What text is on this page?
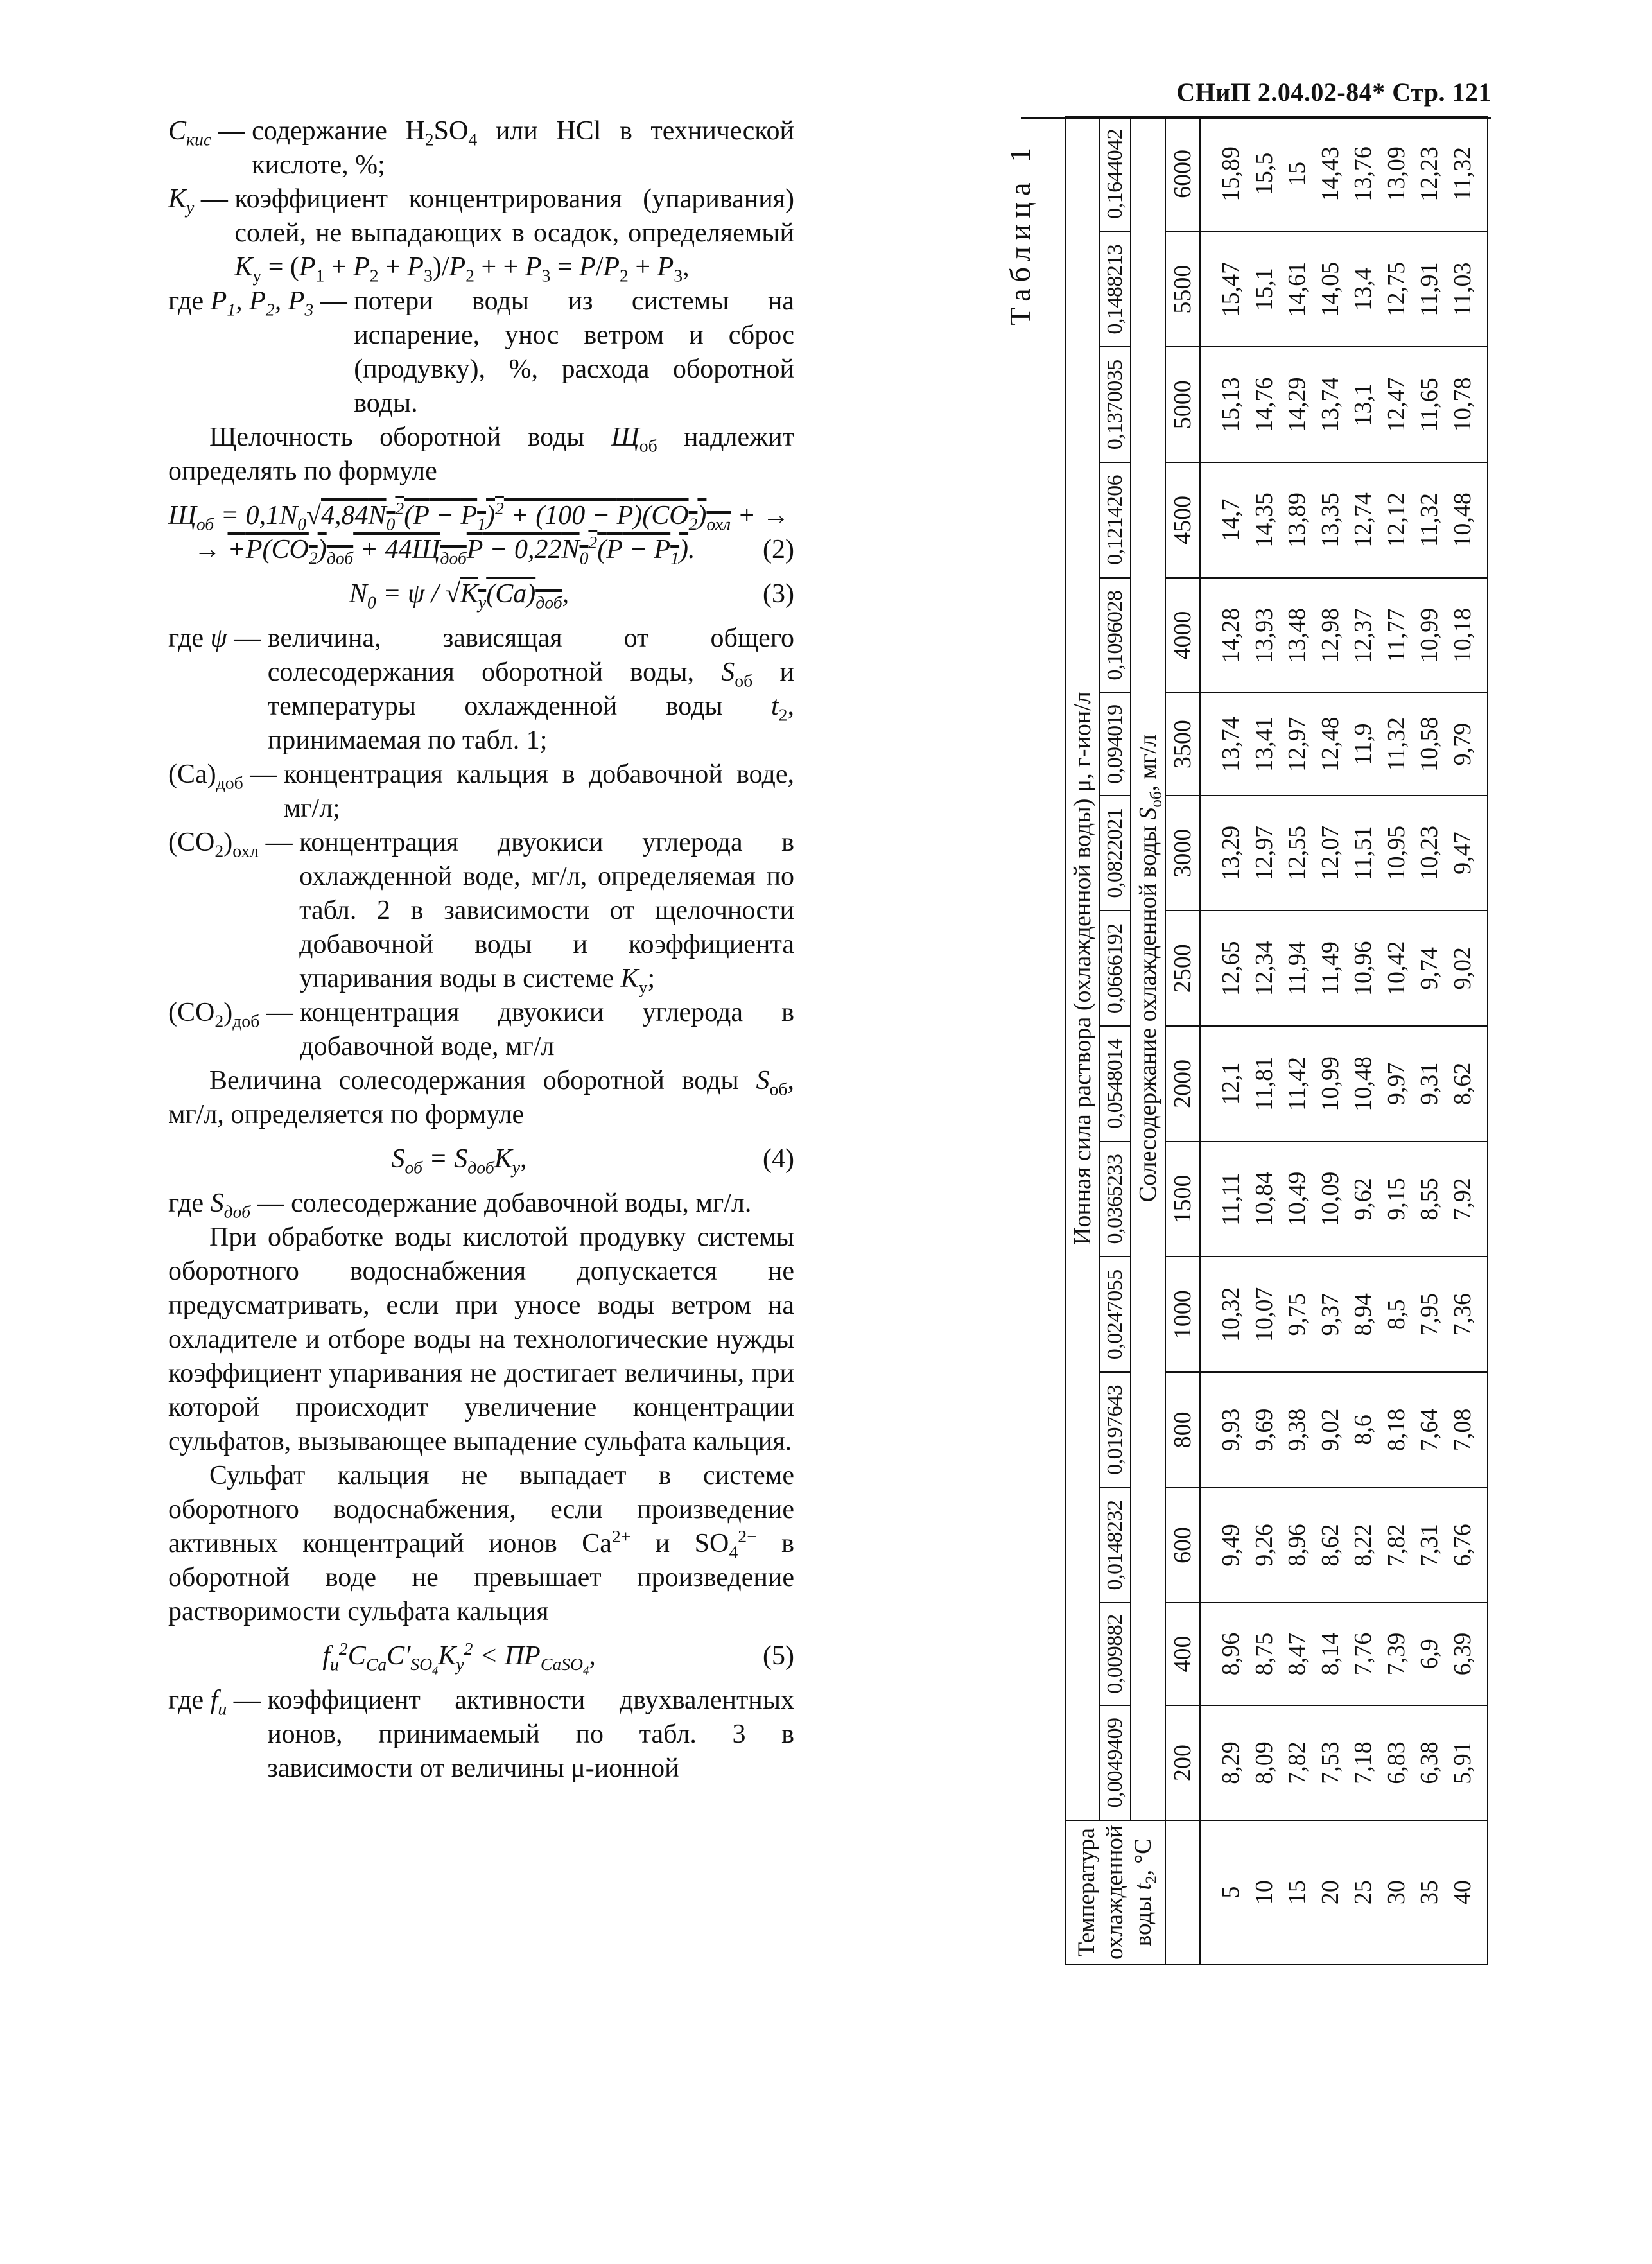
СНиП 2.04.02-84* Стр. 121
$C_{кис}$ — содержание $H_2SO_4$ или HCl в технической кислоте, %;
$K_у$ — коэффициент концентрирования (упаривания) солей, не выпадающих в осадок, определяемый $K_у = (P_1 + P_2 + P_3)/P_2$ + + $P_3 = P/P_2 + P_3$,
где $P_1$, $P_2$, $P_3$ — потери воды из системы на испарение, унос ветром и сброс (продувку), %, расхода оборотной воды.
Щелочность оборотной воды $Щ_{об}$ надлежит определять по формуле
$Щ_{об} = 0,1N_0√4,84N_0^2(P - P_1)^2 + (100 - P)(CO_2)_{охл}$ + →
→ $+P(CO_2)_{доб} + 44Щ_{доб}P - 0,22N_0^2(P - P_1)$.	(2)
$N_0 = \psi / √K_у(Ca)_{доб}$,	(3)
где ψ — величина, зависящая от общего солесодержания оборотной воды, $S_{об}$ и температуры охлажденной воды $t_2$, принимаемая по табл. 1;
$(Ca)_{доб}$ — концентрация кальция в добавочной воде, мг/л;
$(CO_2)_{охл}$ — концентрация двуокиси углерода в охлажденной воде, мг/л, определяемая по табл. 2 в зависимости от щелочности добавочной воды и коэффициента упаривания воды в системе $K_у$;
$(CO_2)_{доб}$ — концентрация двуокиси углерода в добавочной воде, мг/л
Величина солесодержания оборотной воды $S_{об}$, мг/л, определяется по формуле
$S_{об} = S_{доб}K_у$,	(4)
где $S_{доб}$ — солесодержание добавочной воды, мг/л.
При обработке воды кислотой продувку системы оборотного водоснабжения допускается не предусматривать, если при уносе воды ветром на охладителе и отборе воды на технологические нужды коэффициент упаривания не достигает величины, при которой происходит увеличение концентрации сульфатов, вызывающее выпадение сульфата кальция.
Сульфат кальция не выпадает в системе оборотного водоснабжения, если произведение активных концентраций ионов $Ca^{2+}$ и $SO_4^{2-}$ в оборотной воде не превышает произведение растворимости сульфата кальция
$f_и^2C_{Ca}C'_{SO_4}K_у^2 < ПР_{CaSO_4}$,	(5)
где $f_и$ — коэффициент активности двухвалентных ионов, принимаемый по табл. 3 в зависимости от величины μ-ионной
Таблица 1
Температура охлажденной воды $t_2$, °С	Ионная сила раствора (охлажденной воды) μ, г-ион/л														
	0,0049409	0,009882	0,0148232	0,0197643	0,0247055	0,0365233	0,0548014	0,0666192	0,0822021	0,094019	0,1096028	0,1214206	0,1370035	0,1488213	0,1644042
	Солесодержание охлажденной воды $S_{об}$, мг/л														
	200	400	600	800	1000	1500	2000	2500	3000	3500	4000	4500	5000	5500	6000
5	8,29	8,96	9,49	9,93	10,32	11,11	12,1	12,65	13,29	13,74	14,28	14,7	15,13	15,47	15,89
10	8,09	8,75	9,26	9,69	10,07	10,84	11,81	12,34	12,97	13,41	13,93	14,35	14,76	15,1	15,5
15	7,82	8,47	8,96	9,38	9,75	10,49	11,42	11,94	12,55	12,97	13,48	13,89	14,29	14,61	15
20	7,53	8,14	8,62	9,02	9,37	10,09	10,99	11,49	12,07	12,48	12,98	13,35	13,74	14,05	14,43
25	7,18	7,76	8,22	8,6	8,94	9,62	10,48	10,96	11,51	11,9	12,37	12,74	13,1	13,4	13,76
30	6,83	7,39	7,82	8,18	8,5	9,15	9,97	10,42	10,95	11,32	11,77	12,12	12,47	12,75	13,09
35	6,38	6,9	7,31	7,64	7,95	8,55	9,31	9,74	10,23	10,58	10,99	11,32	11,65	11,91	12,23
40	5,91	6,39	6,76	7,08	7,36	7,92	8,62	9,02	9,47	9,79	10,18	10,48	10,78	11,03	11,32
